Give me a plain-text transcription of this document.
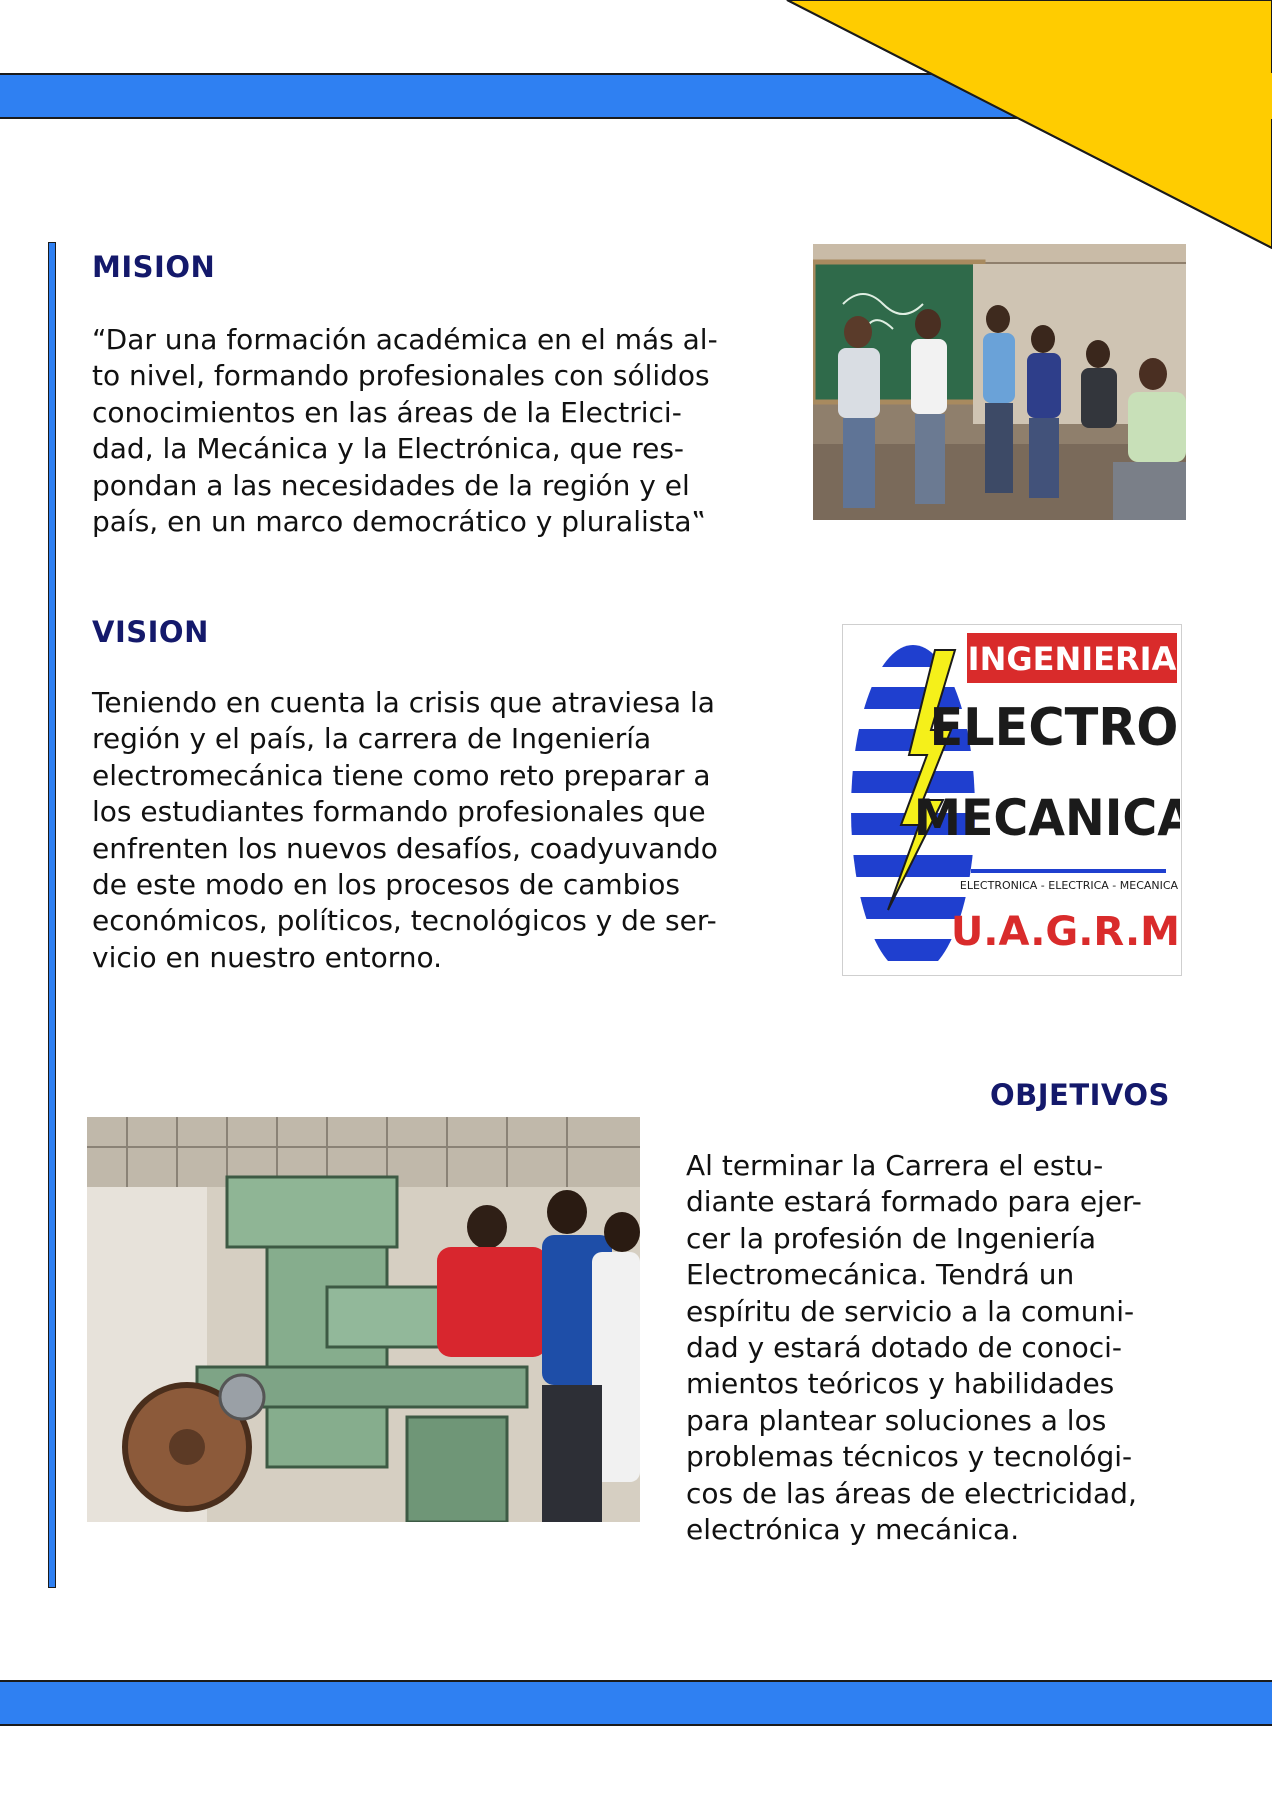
MISION
“Dar una formación académica en el más al-
to nivel, formando profesionales con sólidos
conocimientos en las áreas de la Electrici-
dad, la Mecánica y la Electrónica, que res-
pondan a las necesidades de la región y el
país, en un marco democrático y pluralista‟
VISION
Teniendo en cuenta la crisis que atraviesa la
región y el país, la carrera de Ingeniería
electromecánica tiene como reto preparar a
los estudiantes formando profesionales que
enfrenten los nuevos desafíos, coadyuvando
de este modo en los procesos de cambios
económicos, políticos, tecnológicos y de ser-
vicio en nuestro entorno.
INGENIERIA
ELECTRO
MECANICA
ELECTRONICA - ELECTRICA - MECANICA
U.A.G.R.M.
OBJETIVOS
Al terminar la Carrera el estu-
diante estará formado para ejer-
cer la profesión de Ingeniería
Electromecánica. Tendrá un
espíritu de servicio a la comuni-
dad y estará dotado de conoci-
mientos teóricos y habilidades
para plantear soluciones a los
problemas técnicos y tecnológi-
cos de las áreas de electricidad,
electrónica y mecánica.
